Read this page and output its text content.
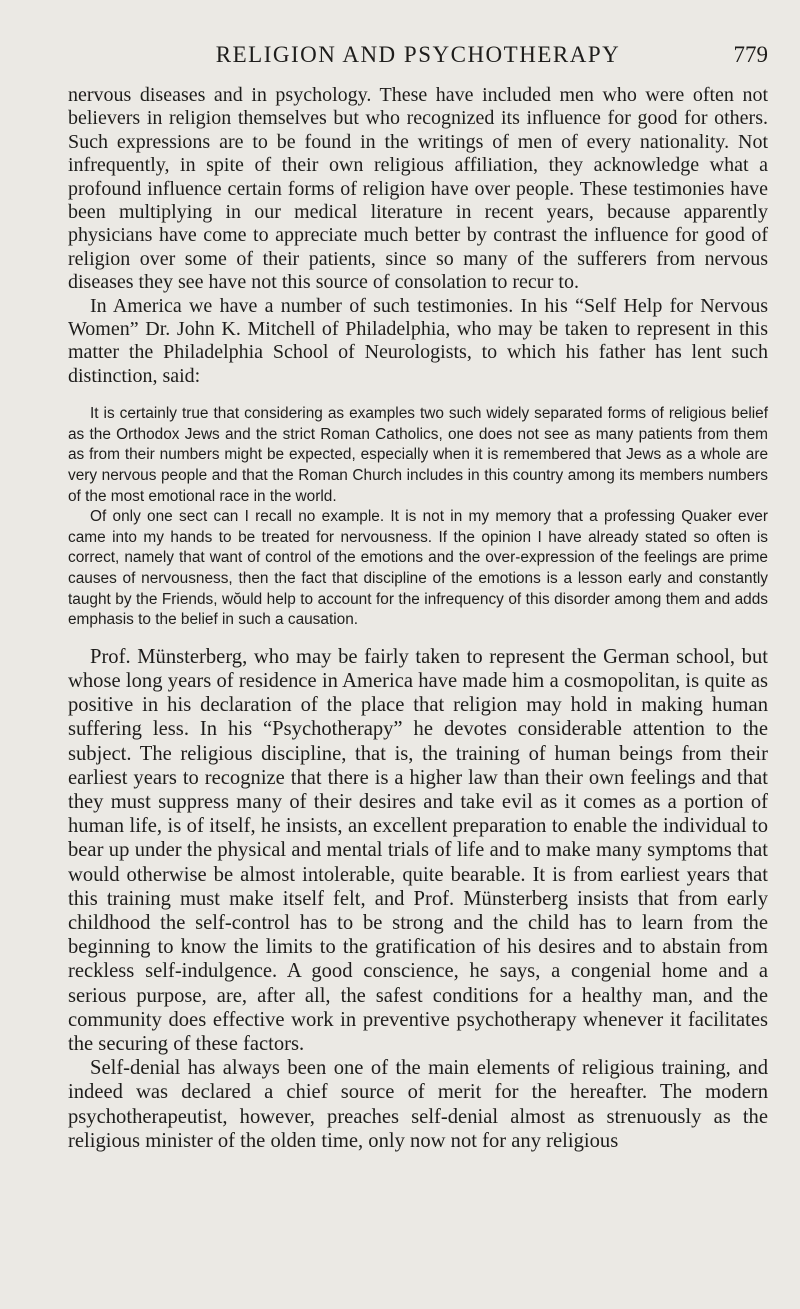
RELIGION AND PSYCHOTHERAPY	779

nervous diseases and in psychology. These have included men who were often not believers in religion themselves but who recognized its influence for good for others. Such expressions are to be found in the writings of men of every nationality. Not infrequently, in spite of their own religious affiliation, they acknowledge what a profound influence certain forms of religion have over people. These testimonies have been multiplying in our medical literature in recent years, because apparently physicians have come to appreciate much better by contrast the influence for good of religion over some of their patients, since so many of the sufferers from nervous diseases they see have not this source of consolation to recur to.

In America we have a number of such testimonies. In his “Self Help for Nervous Women” Dr. John K. Mitchell of Philadelphia, who may be taken to represent in this matter the Philadelphia School of Neurologists, to which his father has lent such distinction, said:

It is certainly true that considering as examples two such widely separated forms of religious belief as the Orthodox Jews and the strict Roman Catholics, one does not see as many patients from them as from their numbers might be expected, especially when it is remembered that Jews as a whole are very nervous people and that the Roman Church includes in this country among its members numbers of the most emotional race in the world.

Of only one sect can I recall no example. It is not in my memory that a professing Quaker ever came into my hands to be treated for nervousness. If the opinion I have already stated so often is correct, namely that want of control of the emotions and the over-expression of the feelings are prime causes of nervousness, then the fact that discipline of the emotions is a lesson early and constantly taught by the Friends, wŏuld help to account for the infrequency of this disorder among them and adds emphasis to the belief in such a causation.

Prof. Münsterberg, who may be fairly taken to represent the German school, but whose long years of residence in America have made him a cosmopolitan, is quite as positive in his declaration of the place that religion may hold in making human suffering less. In his “Psychotherapy” he devotes considerable attention to the subject. The religious discipline, that is, the training of human beings from their earliest years to recognize that there is a higher law than their own feelings and that they must suppress many of their desires and take evil as it comes as a portion of human life, is of itself, he insists, an excellent preparation to enable the individual to bear up under the physical and mental trials of life and to make many symptoms that would otherwise be almost intolerable, quite bearable. It is from earliest years that this training must make itself felt, and Prof. Münsterberg insists that from early childhood the self-control has to be strong and the child has to learn from the beginning to know the limits to the gratification of his desires and to abstain from reckless self-indulgence. A good conscience, he says, a congenial home and a serious purpose, are, after all, the safest conditions for a healthy man, and the community does effective work in preventive psychotherapy whenever it facilitates the securing of these factors.

Self-denial has always been one of the main elements of religious training, and indeed was declared a chief source of merit for the hereafter. The modern psychotherapeutist, however, preaches self-denial almost as strenuously as the religious minister of the olden time, only now not for any religious
